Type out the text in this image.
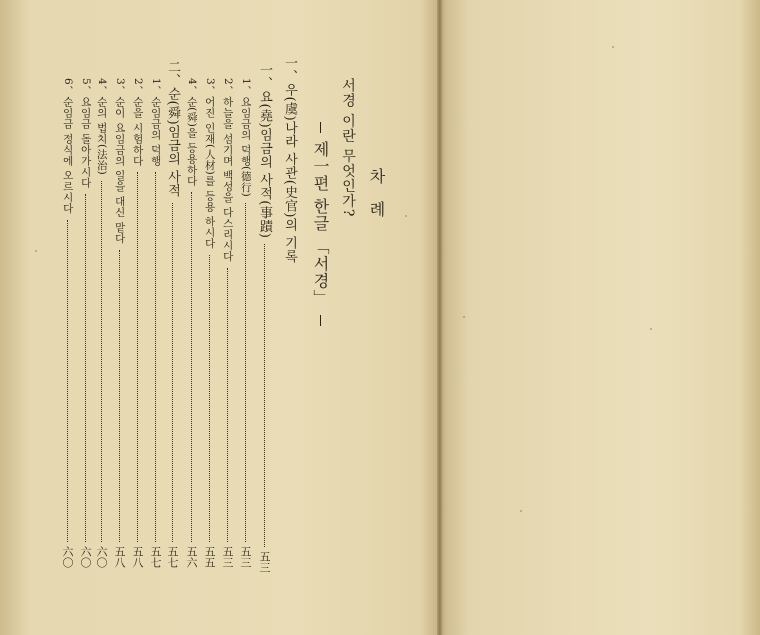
차 례
서경 이란 무엇인가?
제一편 한글 「서경」
一、우(虞)나라 사관(史官)의 기록
一、요(堯)임금의 사적(事蹟)
五三
1、요임금의 덕행(德行)
五三
2、하늘을 섬기며 백성을 다스리시다
五三
3、어진 인재(人材)를 등용 하시다
五五
4、순(舜)을 등용하다
五六
二、순(舜)임금의 사적
五七
1、순임금의 덕행
五七
2、순을 시험하다
五八
3、순이 요임금의 일을 대신 맡다
五八
4、순의 법치(法治)
六〇
5、요임금 돌아가시다
六〇
6、순임금 정식에 오르시다
六〇
